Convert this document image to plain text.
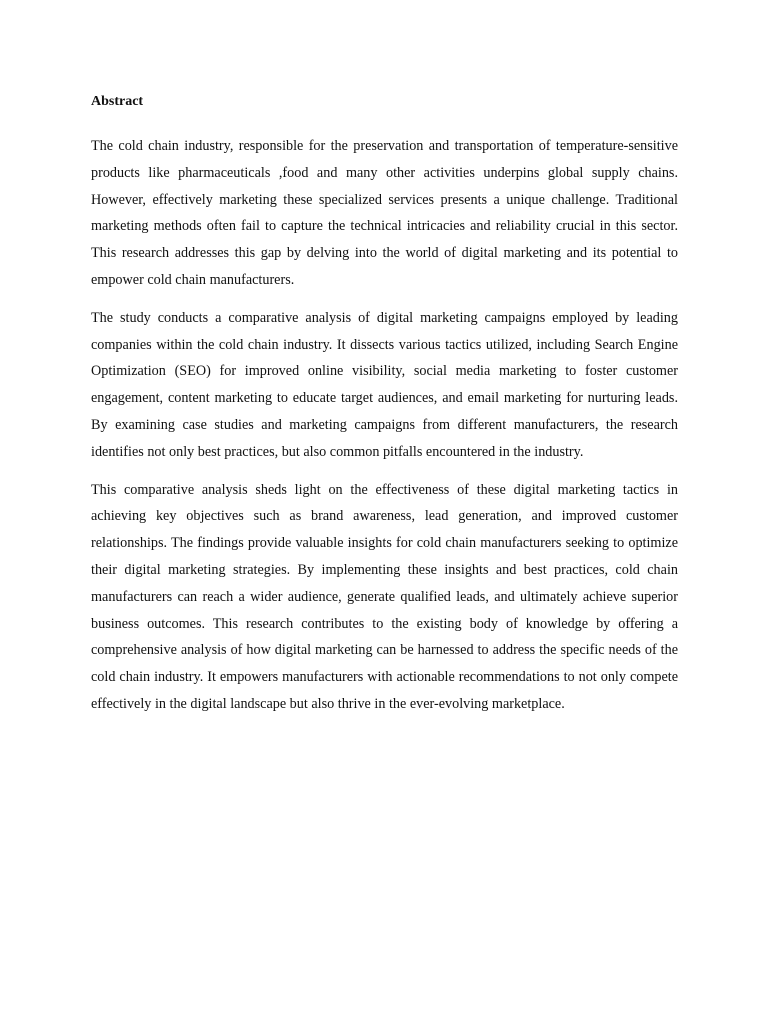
Abstract

The cold chain industry, responsible for the preservation and transportation of temperature-sensitive products like pharmaceuticals ,food and many other activities underpins global supply chains. However, effectively marketing these specialized services presents a unique challenge. Traditional marketing methods often fail to capture the technical intricacies and reliability crucial in this sector. This research addresses this gap by delving into the world of digital marketing and its potential to empower cold chain manufacturers.

The study conducts a comparative analysis of digital marketing campaigns employed by leading companies within the cold chain industry. It dissects various tactics utilized, including Search Engine Optimization (SEO) for improved online visibility, social media marketing to foster customer engagement, content marketing to educate target audiences, and email marketing for nurturing leads. By examining case studies and marketing campaigns from different manufacturers, the research identifies not only best practices, but also common pitfalls encountered in the industry.

This comparative analysis sheds light on the effectiveness of these digital marketing tactics in achieving key objectives such as brand awareness, lead generation, and improved customer relationships. The findings provide valuable insights for cold chain manufacturers seeking to optimize their digital marketing strategies. By implementing these insights and best practices, cold chain manufacturers can reach a wider audience, generate qualified leads, and ultimately achieve superior business outcomes. This research contributes to the existing body of knowledge by offering a comprehensive analysis of how digital marketing can be harnessed to address the specific needs of the cold chain industry. It empowers manufacturers with actionable recommendations to not only compete effectively in the digital landscape but also thrive in the ever-evolving marketplace.
